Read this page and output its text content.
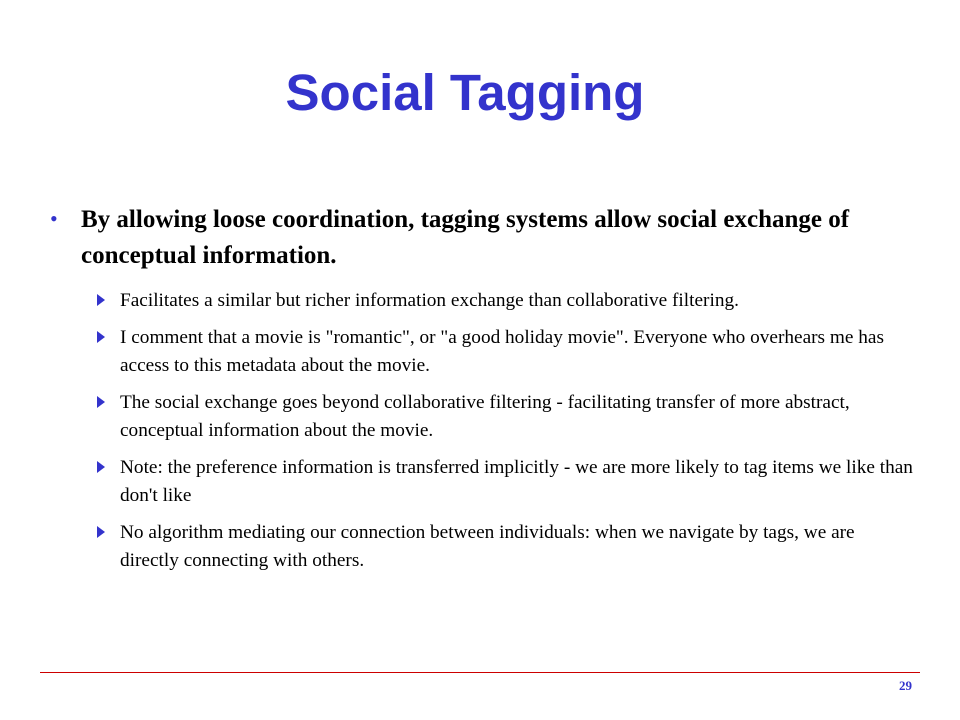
Social Tagging
• By allowing loose coordination, tagging systems allow social exchange of conceptual information.
Facilitates a similar but richer information exchange than collaborative filtering.
I comment that a movie is "romantic", or "a good holiday movie". Everyone who overhears me has access to this metadata about the movie.
The social exchange goes beyond collaborative filtering - facilitating transfer of more abstract, conceptual information about the movie.
Note: the preference information is transferred implicitly - we are more likely to tag items we like than don't like
No algorithm mediating our connection between individuals: when we navigate by tags, we are directly connecting with others.
29
